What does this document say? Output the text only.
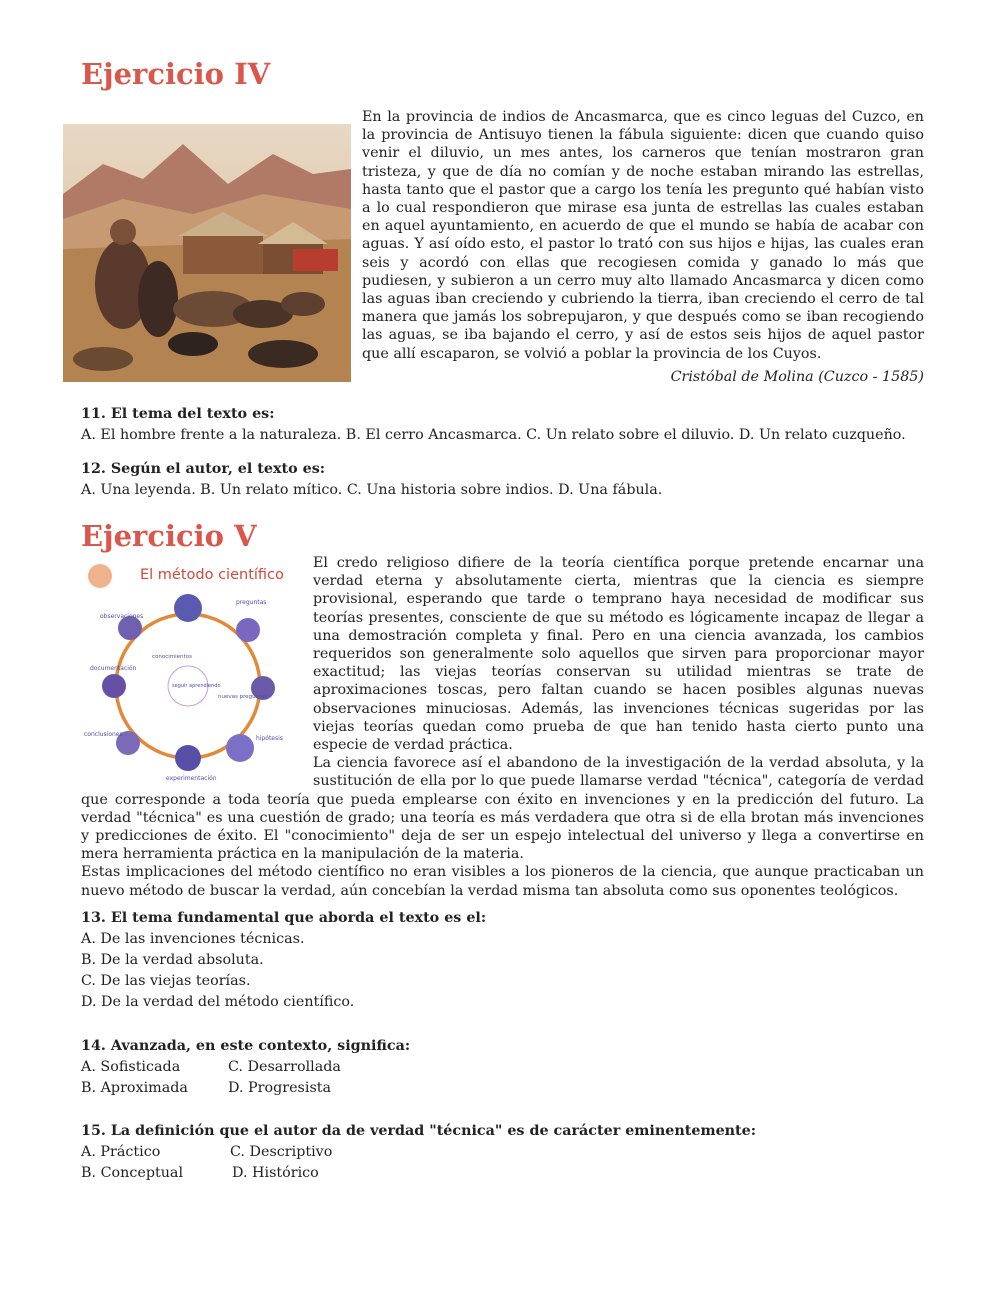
Ejercicio IV

En la provincia de indios de Ancasmarca, que es cinco leguas del Cuzco, en la provincia de Antisuyo tienen la fábula siguiente: dicen que cuando quiso venir el diluvio, un mes antes, los carneros que tenían mostraron gran tristeza, y que de día no comían y de noche estaban mirando las estrellas, hasta tanto que el pastor que a cargo los tenía les pregunto qué habían visto a lo cual respondieron que mirase esa junta de estrellas las cuales estaban en aquel ayuntamiento, en acuerdo de que el mundo se había de acabar con aguas. Y así oído esto, el pastor lo trató con sus hijos e hijas, las cuales eran seis y acordó con ellas que recogiesen comida y ganado lo más que pudiesen, y subieron a un cerro muy alto llamado Ancasmarca y dicen como las aguas iban creciendo y cubriendo la tierra, iban creciendo el cerro de tal manera que jamás los sobrepujaron, y que después como se iban recogiendo las aguas, se iba bajando el cerro, y así de estos seis hijos de aquel pastor que allí escaparon, se volvió a poblar la provincia de los Cuyos.

Cristóbal de Molina (Cuzco - 1585)

11. El tema del texto es:

A. El hombre frente a la naturaleza. B. El cerro Ancasmarca. C. Un relato sobre el diluvio. D. Un relato cuzqueño.

12. Según el autor, el texto es:

A. Una leyenda. B. Un relato mítico. C. Una historia sobre indios. D. Una fábula.

Ejercicio V
El método científico
preguntas
observaciones
documentación
conocimientos
seguir aprendiendo
nuevas preguntas
conclusiones
hipótesis
experimentación

El credo religioso difiere de la teoría científica porque pretende encarnar una verdad eterna y absolutamente cierta, mientras que la ciencia es siempre provisional, esperando que tarde o temprano haya necesidad de modificar sus teorías presentes, consciente de que su método es lógicamente incapaz de llegar a una demostración completa y final. Pero en una ciencia avanzada, los cambios requeridos son generalmente solo aquellos que sirven para proporcionar mayor exactitud; las viejas teorías conservan su utilidad mientras se trate de aproximaciones toscas, pero faltan cuando se hacen posibles algunas nuevas observaciones minuciosas. Además, las invenciones técnicas sugeridas por las viejas teorías quedan como prueba de que han tenido hasta cierto punto una especie de verdad práctica.

La ciencia favorece así el abandono de la investigación de la verdad absoluta, y la sustitución de ella por lo que puede llamarse verdad "técnica", categoría de verdad que corresponde a toda teoría que pueda emplearse con éxito en invenciones y en la predicción del futuro. La verdad "técnica" es una cuestión de grado; una teoría es más verdadera que otra si de ella brotan más invenciones y predicciones de éxito. El "conocimiento" deja de ser un espejo intelectual del universo y llega a convertirse en mera herramienta práctica en la manipulación de la materia.

Estas implicaciones del método científico no eran visibles a los pioneros de la ciencia, que aunque practicaban un nuevo método de buscar la verdad, aún concebían la verdad misma tan absoluta como sus oponentes teológicos.

13. El tema fundamental que aborda el texto es el:

A. De las invenciones técnicas.

B. De la verdad absoluta.

C. De las viejas teorías.

D. De la verdad del método científico.

14. Avanzada, en este contexto, significa:

A. Sofisticada	C. Desarrollada
B. Aproximada	D. Progresista

15. La definición que el autor da de verdad "técnica" es de carácter eminentemente:

A. Práctico	C. Descriptivo
B. Conceptual	D. Histórico
